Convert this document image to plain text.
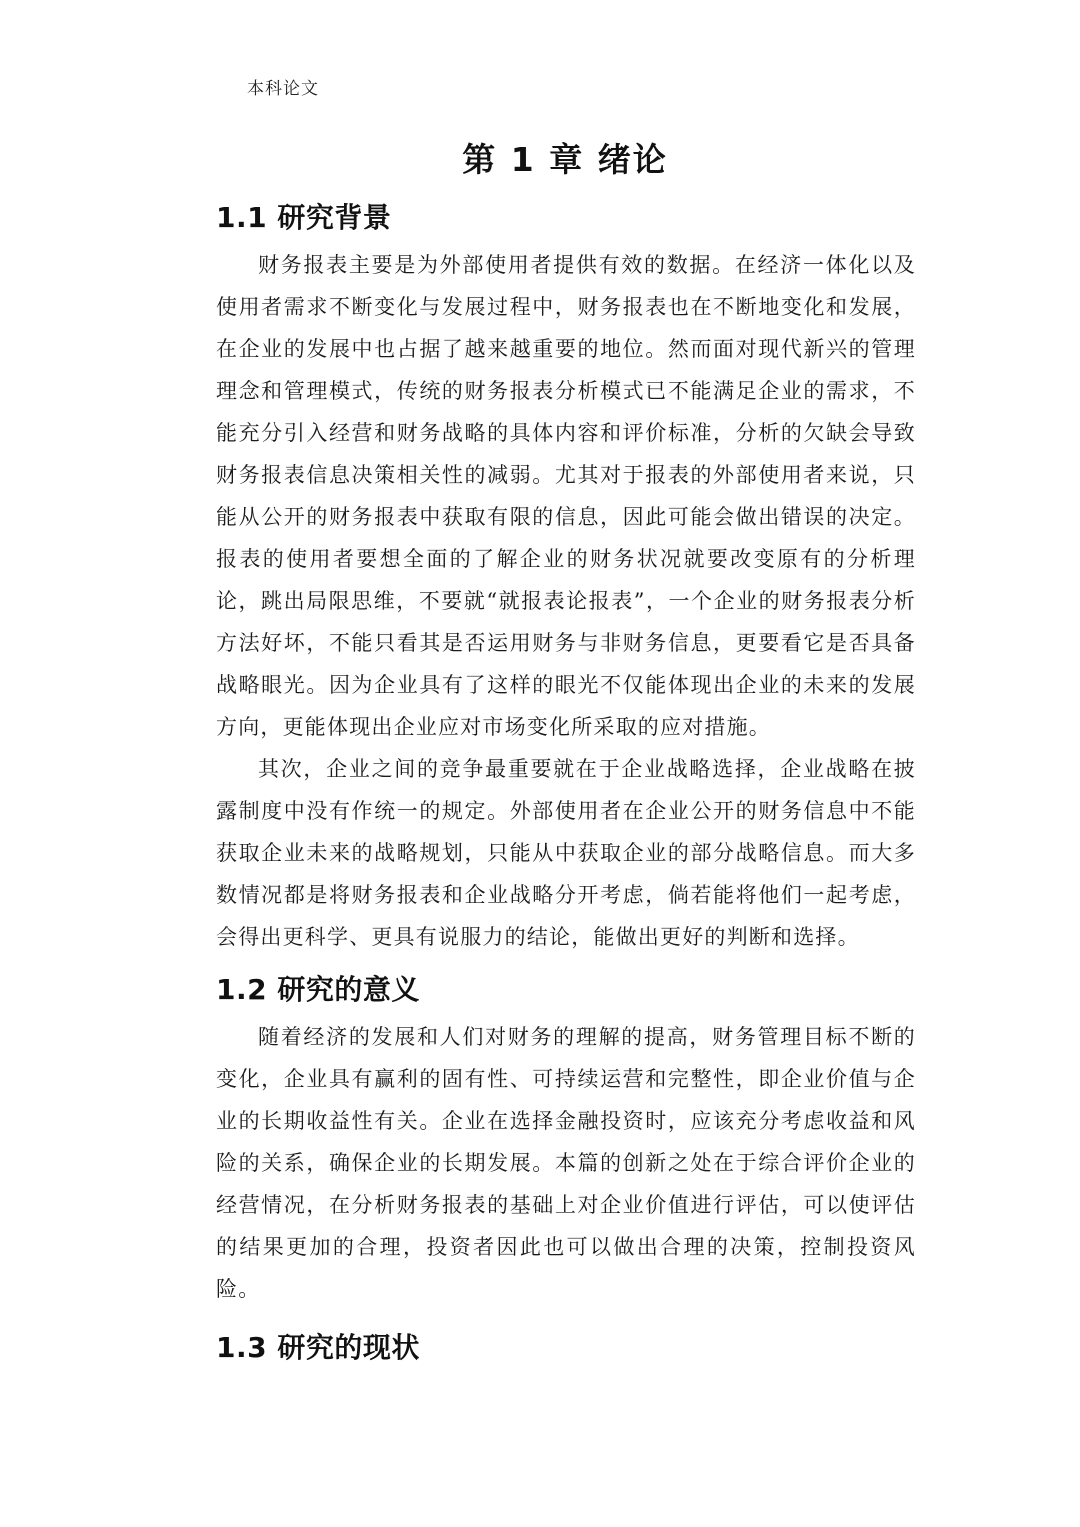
本科论文
第 1 章 绪论
1.1 研究背景

财务报表主要是为外部使用者提供有效的数据。在经济一体化以及使用者需求不断变化与发展过程中，财务报表也在不断地变化和发展，在企业的发展中也占据了越来越重要的地位。然而面对现代新兴的管理理念和管理模式，传统的财务报表分析模式已不能满足企业的需求，不能充分引入经营和财务战略的具体内容和评价标准，分析的欠缺会导致财务报表信息决策相关性的减弱。尤其对于报表的外部使用者来说，只能从公开的财务报表中获取有限的信息，因此可能会做出错误的决定。报表的使用者要想全面的了解企业的财务状况就要改变原有的分析理论，跳出局限思维，不要就“就报表论报表”，一个企业的财务报表分析方法好坏，不能只看其是否运用财务与非财务信息，更要看它是否具备战略眼光。因为企业具有了这样的眼光不仅能体现出企业的未来的发展方向，更能体现出企业应对市场变化所采取的应对措施。

其次，企业之间的竞争最重要就在于企业战略选择，企业战略在披露制度中没有作统一的规定。外部使用者在企业公开的财务信息中不能获取企业未来的战略规划，只能从中获取企业的部分战略信息。而大多数情况都是将财务报表和企业战略分开考虑，倘若能将他们一起考虑，会得出更科学、更具有说服力的结论，能做出更好的判断和选择。

1.2 研究的意义

随着经济的发展和人们对财务的理解的提高，财务管理目标不断的变化，企业具有赢利的固有性、可持续运营和完整性，即企业价值与企业的长期收益性有关。企业在选择金融投资时，应该充分考虑收益和风险的关系，确保企业的长期发展。本篇的创新之处在于综合评价企业的经营情况，在分析财务报表的基础上对企业价值进行评估，可以使评估的结果更加的合理，投资者因此也可以做出合理的决策，控制投资风险。

1.3 研究的现状
